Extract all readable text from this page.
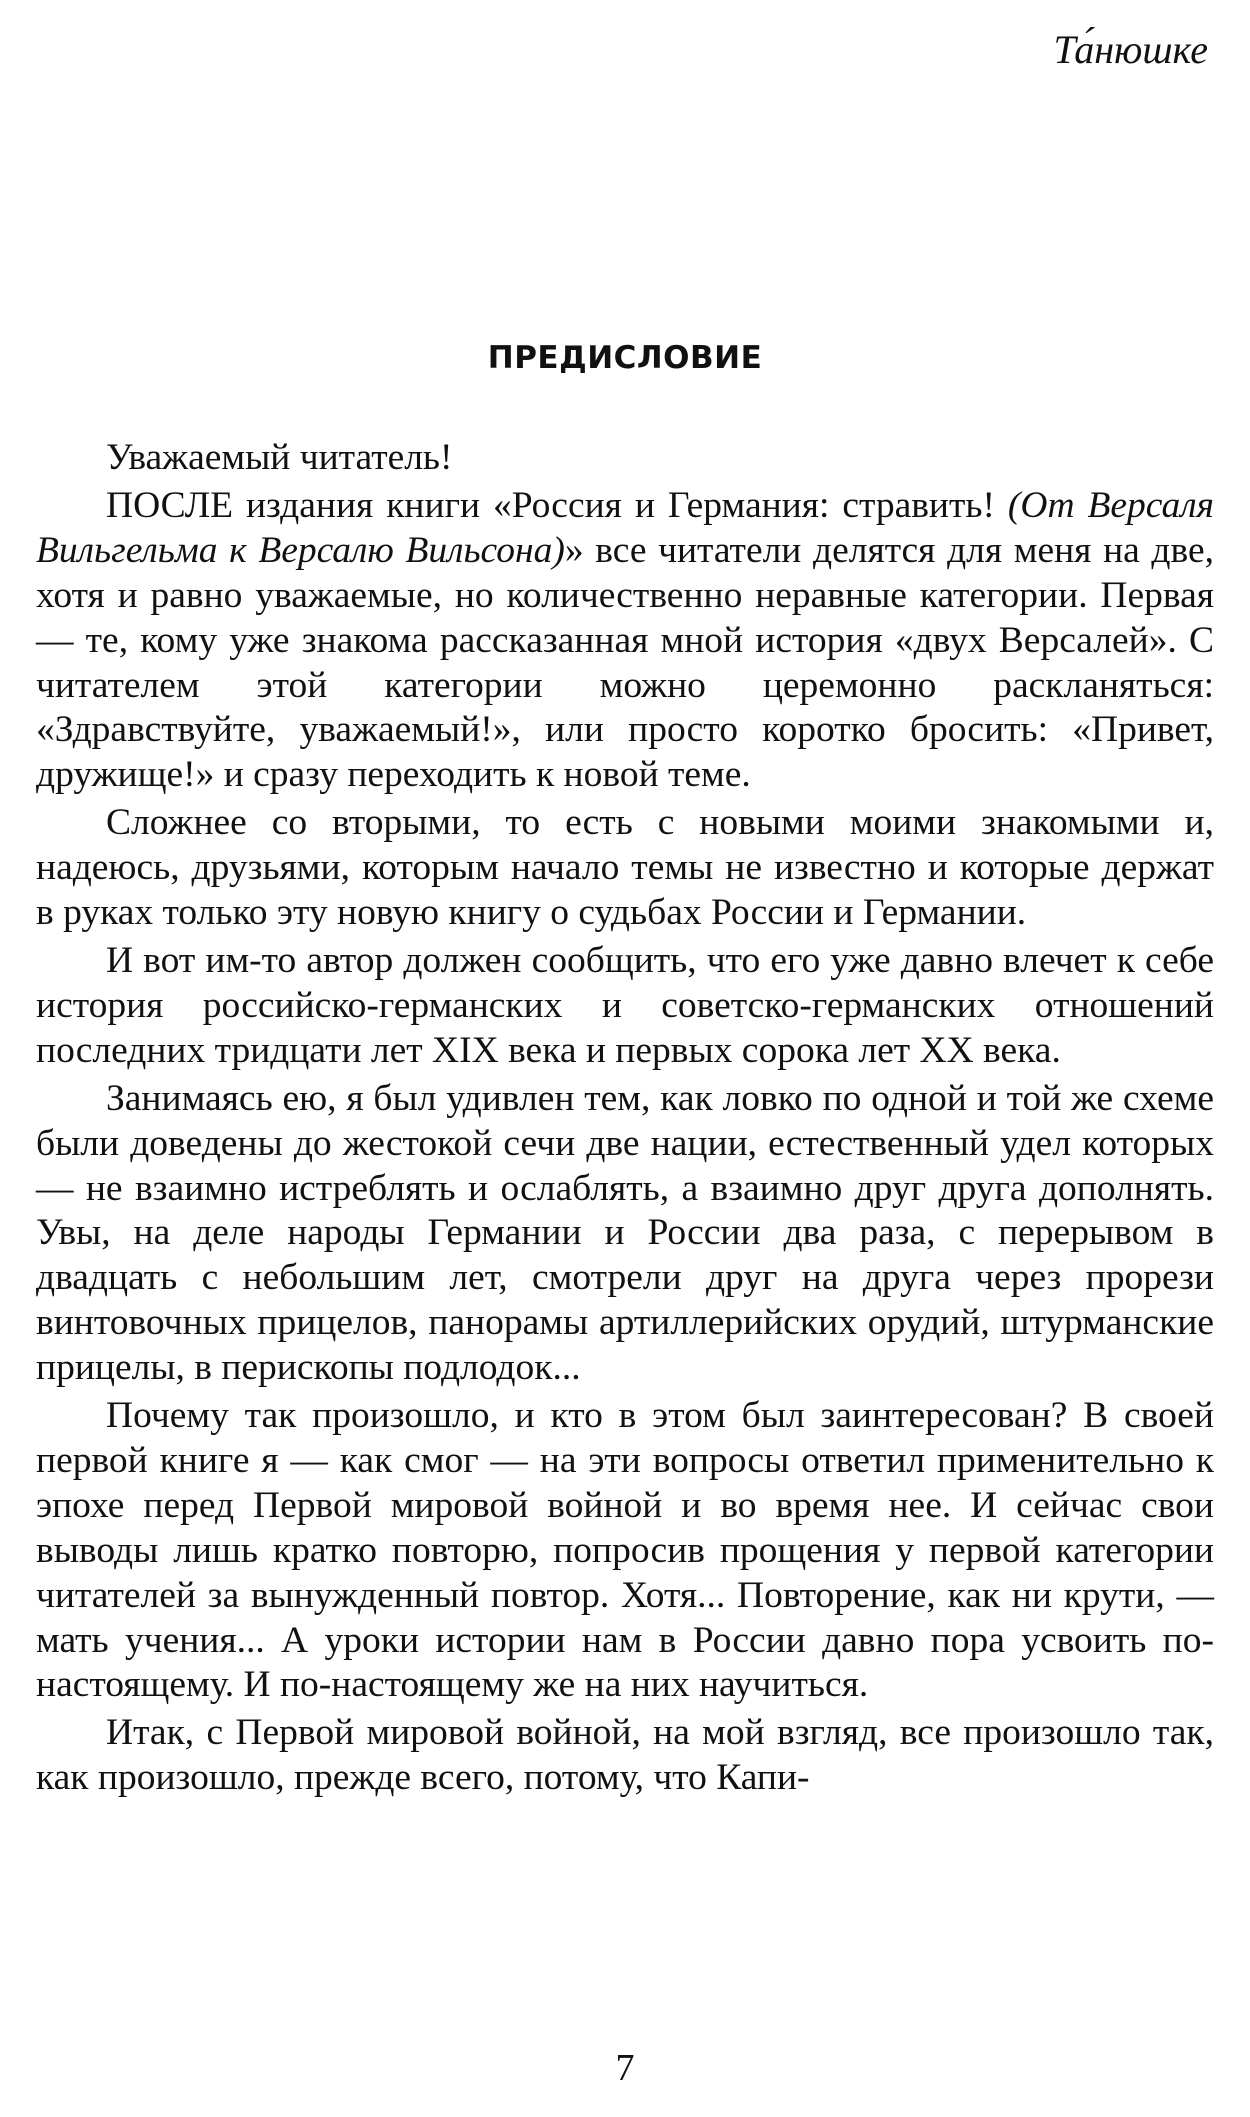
Та́нюшке
ПРЕДИСЛОВИЕ

Уважаемый читатель!

ПОСЛЕ издания книги «Россия и Германия: стравить! (От Версаля Вильгельма к Версалю Вильсона)» все читатели делятся для меня на две, хотя и равно уважаемые, но количественно неравные категории. Первая — те, кому уже знакома рассказанная мной история «двух Версалей». С читателем этой категории можно церемонно раскланяться: «Здравствуйте, уважаемый!», или просто коротко бросить: «Привет, дружище!» и сразу переходить к новой теме.

Сложнее со вторыми, то есть с новыми моими знакомыми и, надеюсь, друзьями, которым начало темы не известно и которые держат в руках только эту новую книгу о судьбах России и Германии.

И вот им-то автор должен сообщить, что его уже давно влечет к себе история российско-германских и советско-германских отношений последних тридцати лет XIX века и первых сорока лет XX века.

Занимаясь ею, я был удивлен тем, как ловко по одной и той же схеме были доведены до жестокой сечи две нации, естественный удел которых — не взаимно истреблять и ослаблять, а взаимно друг друга дополнять. Увы, на деле народы Германии и России два раза, с перерывом в двадцать с небольшим лет, смотрели друг на друга через прорези винтовочных прицелов, панорамы артиллерийских орудий, штурманские прицелы, в перископы подлодок...

Почему так произошло, и кто в этом был заинтересован? В своей первой книге я — как смог — на эти вопросы ответил применительно к эпохе перед Первой мировой войной и во время нее. И сейчас свои выводы лишь кратко повторю, попросив прощения у первой категории читателей за вынужденный повтор. Хотя... Повторение, как ни крути, — мать учения... А уроки истории нам в России давно пора усвоить по-настоящему. И по-настоящему же на них научиться.

Итак, с Первой мировой войной, на мой взгляд, все произошло так, как произошло, прежде всего, потому, что Капи-

7
